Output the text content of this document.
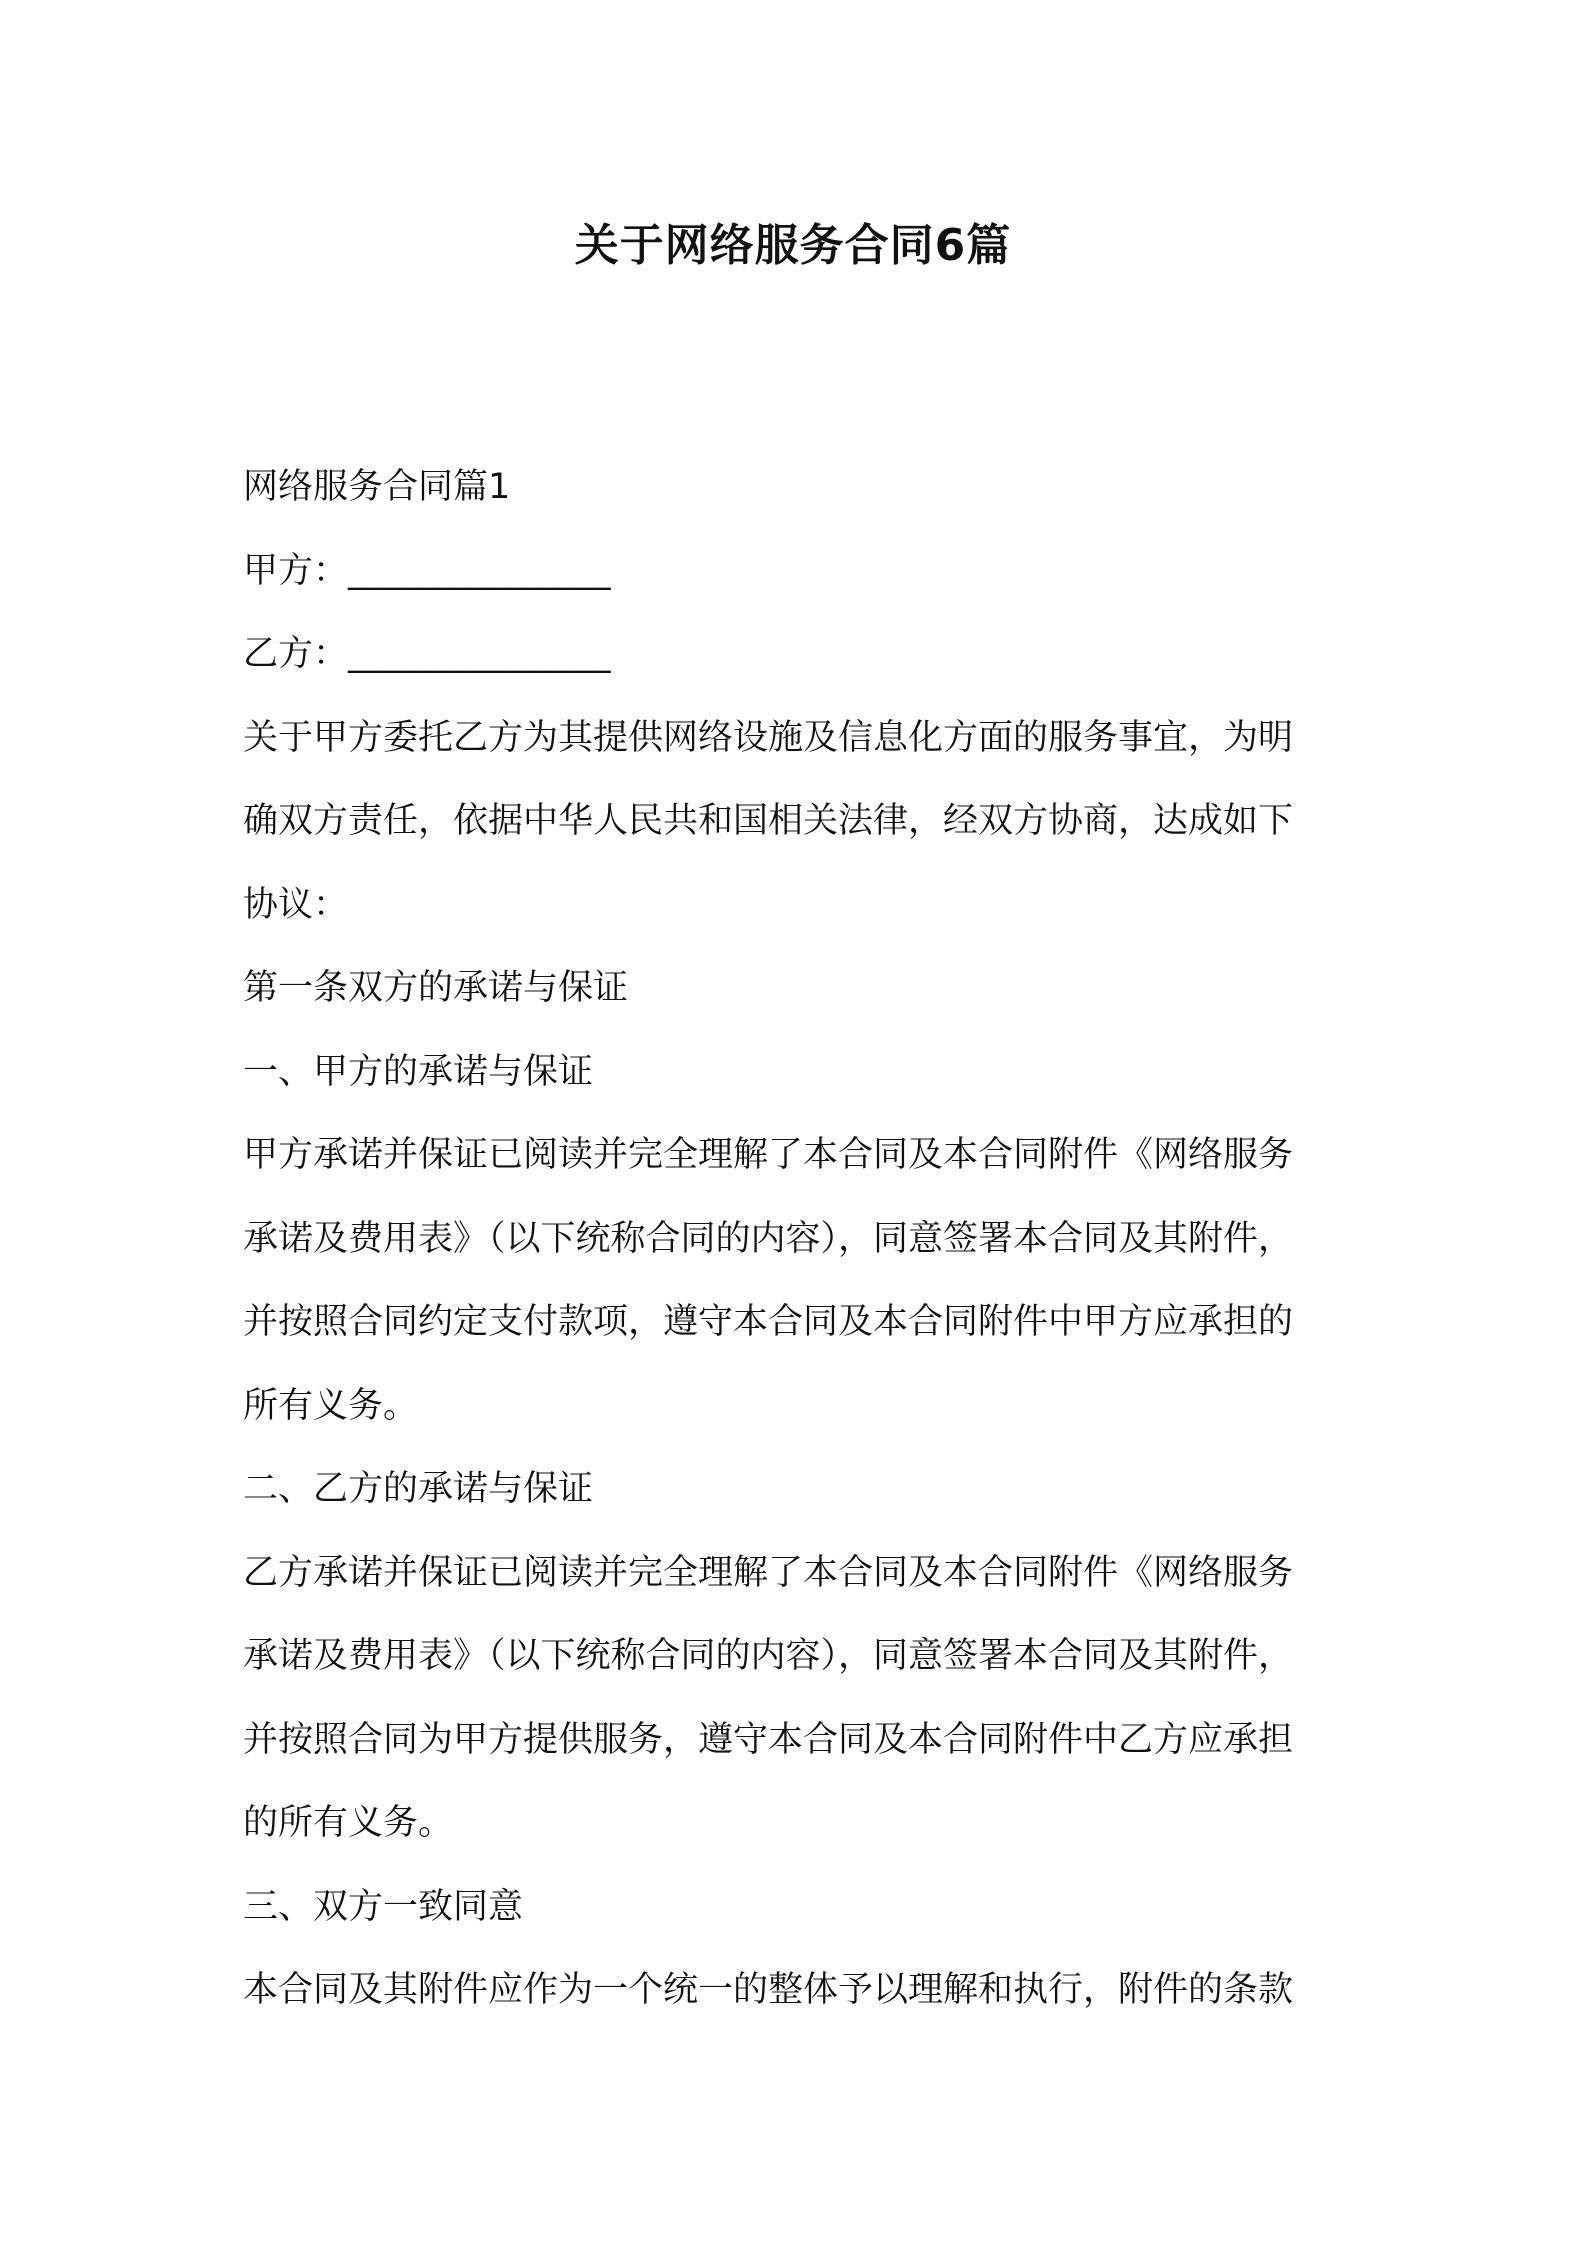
关于网络服务合同6篇
网络服务合同篇1
甲方：_______________
乙方：_______________
关于甲方委托乙方为其提供网络设施及信息化方面的服务事宜，为明
确双方责任，依据中华人民共和国相关法律，经双方协商，达成如下
协议：
第一条双方的承诺与保证
一、甲方的承诺与保证
甲方承诺并保证已阅读并完全理解了本合同及本合同附件《网络服务
承诺及费用表》（以下统称合同的内容），同意签署本合同及其附件，
并按照合同约定支付款项，遵守本合同及本合同附件中甲方应承担的
所有义务。
二、乙方的承诺与保证
乙方承诺并保证已阅读并完全理解了本合同及本合同附件《网络服务
承诺及费用表》（以下统称合同的内容），同意签署本合同及其附件，
并按照合同为甲方提供服务，遵守本合同及本合同附件中乙方应承担
的所有义务。
三、双方一致同意
本合同及其附件应作为一个统一的整体予以理解和执行，附件的条款
